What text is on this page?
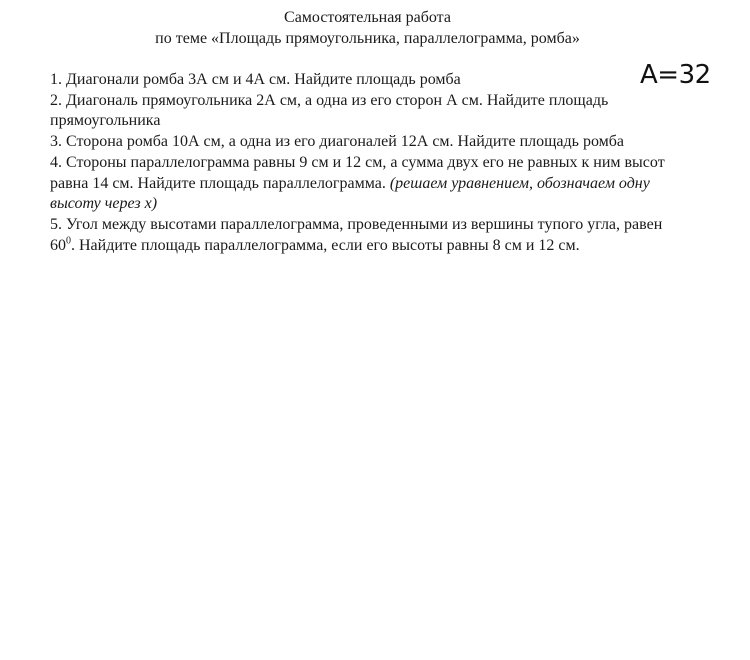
Самостоятельная работа
по теме «Площадь прямоугольника, параллелограмма, ромба»
A=32

1. Диагонали ромба 3А см и 4А см. Найдите площадь ромба

2. Диагональ прямоугольника 2А см, а одна из его сторон А см. Найдите площадь прямоугольника

3. Сторона ромба 10А см, а одна из его диагоналей 12А см. Найдите площадь ромба

4. Стороны параллелограмма равны 9 см и 12 см, а сумма двух его не равных к ним высот равна 14 см. Найдите площадь параллелограмма. (решаем уравнением, обозначаем одну высоту через х)

5. Угол между высотами параллелограмма, проведенными из вершины тупого угла, равен $60^0$. Найдите площадь параллелограмма, если его высоты равны 8 см и 12 см.
